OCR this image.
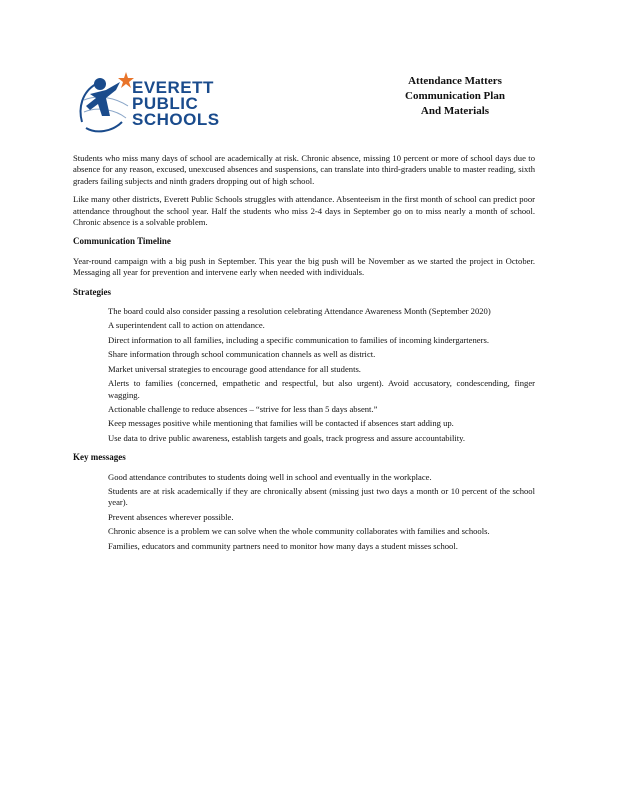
EVERETT
PUBLIC
SCHOOLS
Attendance Matters
Communication Plan
And Materials

Students who miss many days of school are academically at risk. Chronic absence, missing 10 percent or more of school days due to absence for any reason, excused, unexcused absences and suspensions, can translate into third-graders unable to master reading, sixth graders failing subjects and ninth graders dropping out of high school.

Like many other districts, Everett Public Schools struggles with attendance. Absenteeism in the first month of school can predict poor attendance throughout the school year. Half the students who miss 2-4 days in September go on to miss nearly a month of school. Chronic absence is a solvable problem.

Communication Timeline

Year-round campaign with a big push in September. This year the big push will be November as we started the project in October. Messaging all year for prevention and intervene early when needed with individuals.

Strategies
The board could also consider passing a resolution celebrating Attendance Awareness Month (September 2020)
A superintendent call to action on attendance.
Direct information to all families, including a specific communication to families of incoming kindergarteners.
Share information through school communication channels as well as district.
Market universal strategies to encourage good attendance for all students.
Alerts to families (concerned, empathetic and respectful, but also urgent). Avoid accusatory, condescending, finger wagging.
Actionable challenge to reduce absences – “strive for less than 5 days absent.”
Keep messages positive while mentioning that families will be contacted if absences start adding up.
Use data to drive public awareness, establish targets and goals, track progress and assure accountability.
Key messages
Good attendance contributes to students doing well in school and eventually in the workplace.
Students are at risk academically if they are chronically absent (missing just two days a month or 10 percent of the school year).
Prevent absences wherever possible.
Chronic absence is a problem we can solve when the whole community collaborates with families and schools.
Families, educators and community partners need to monitor how many days a student misses school.
